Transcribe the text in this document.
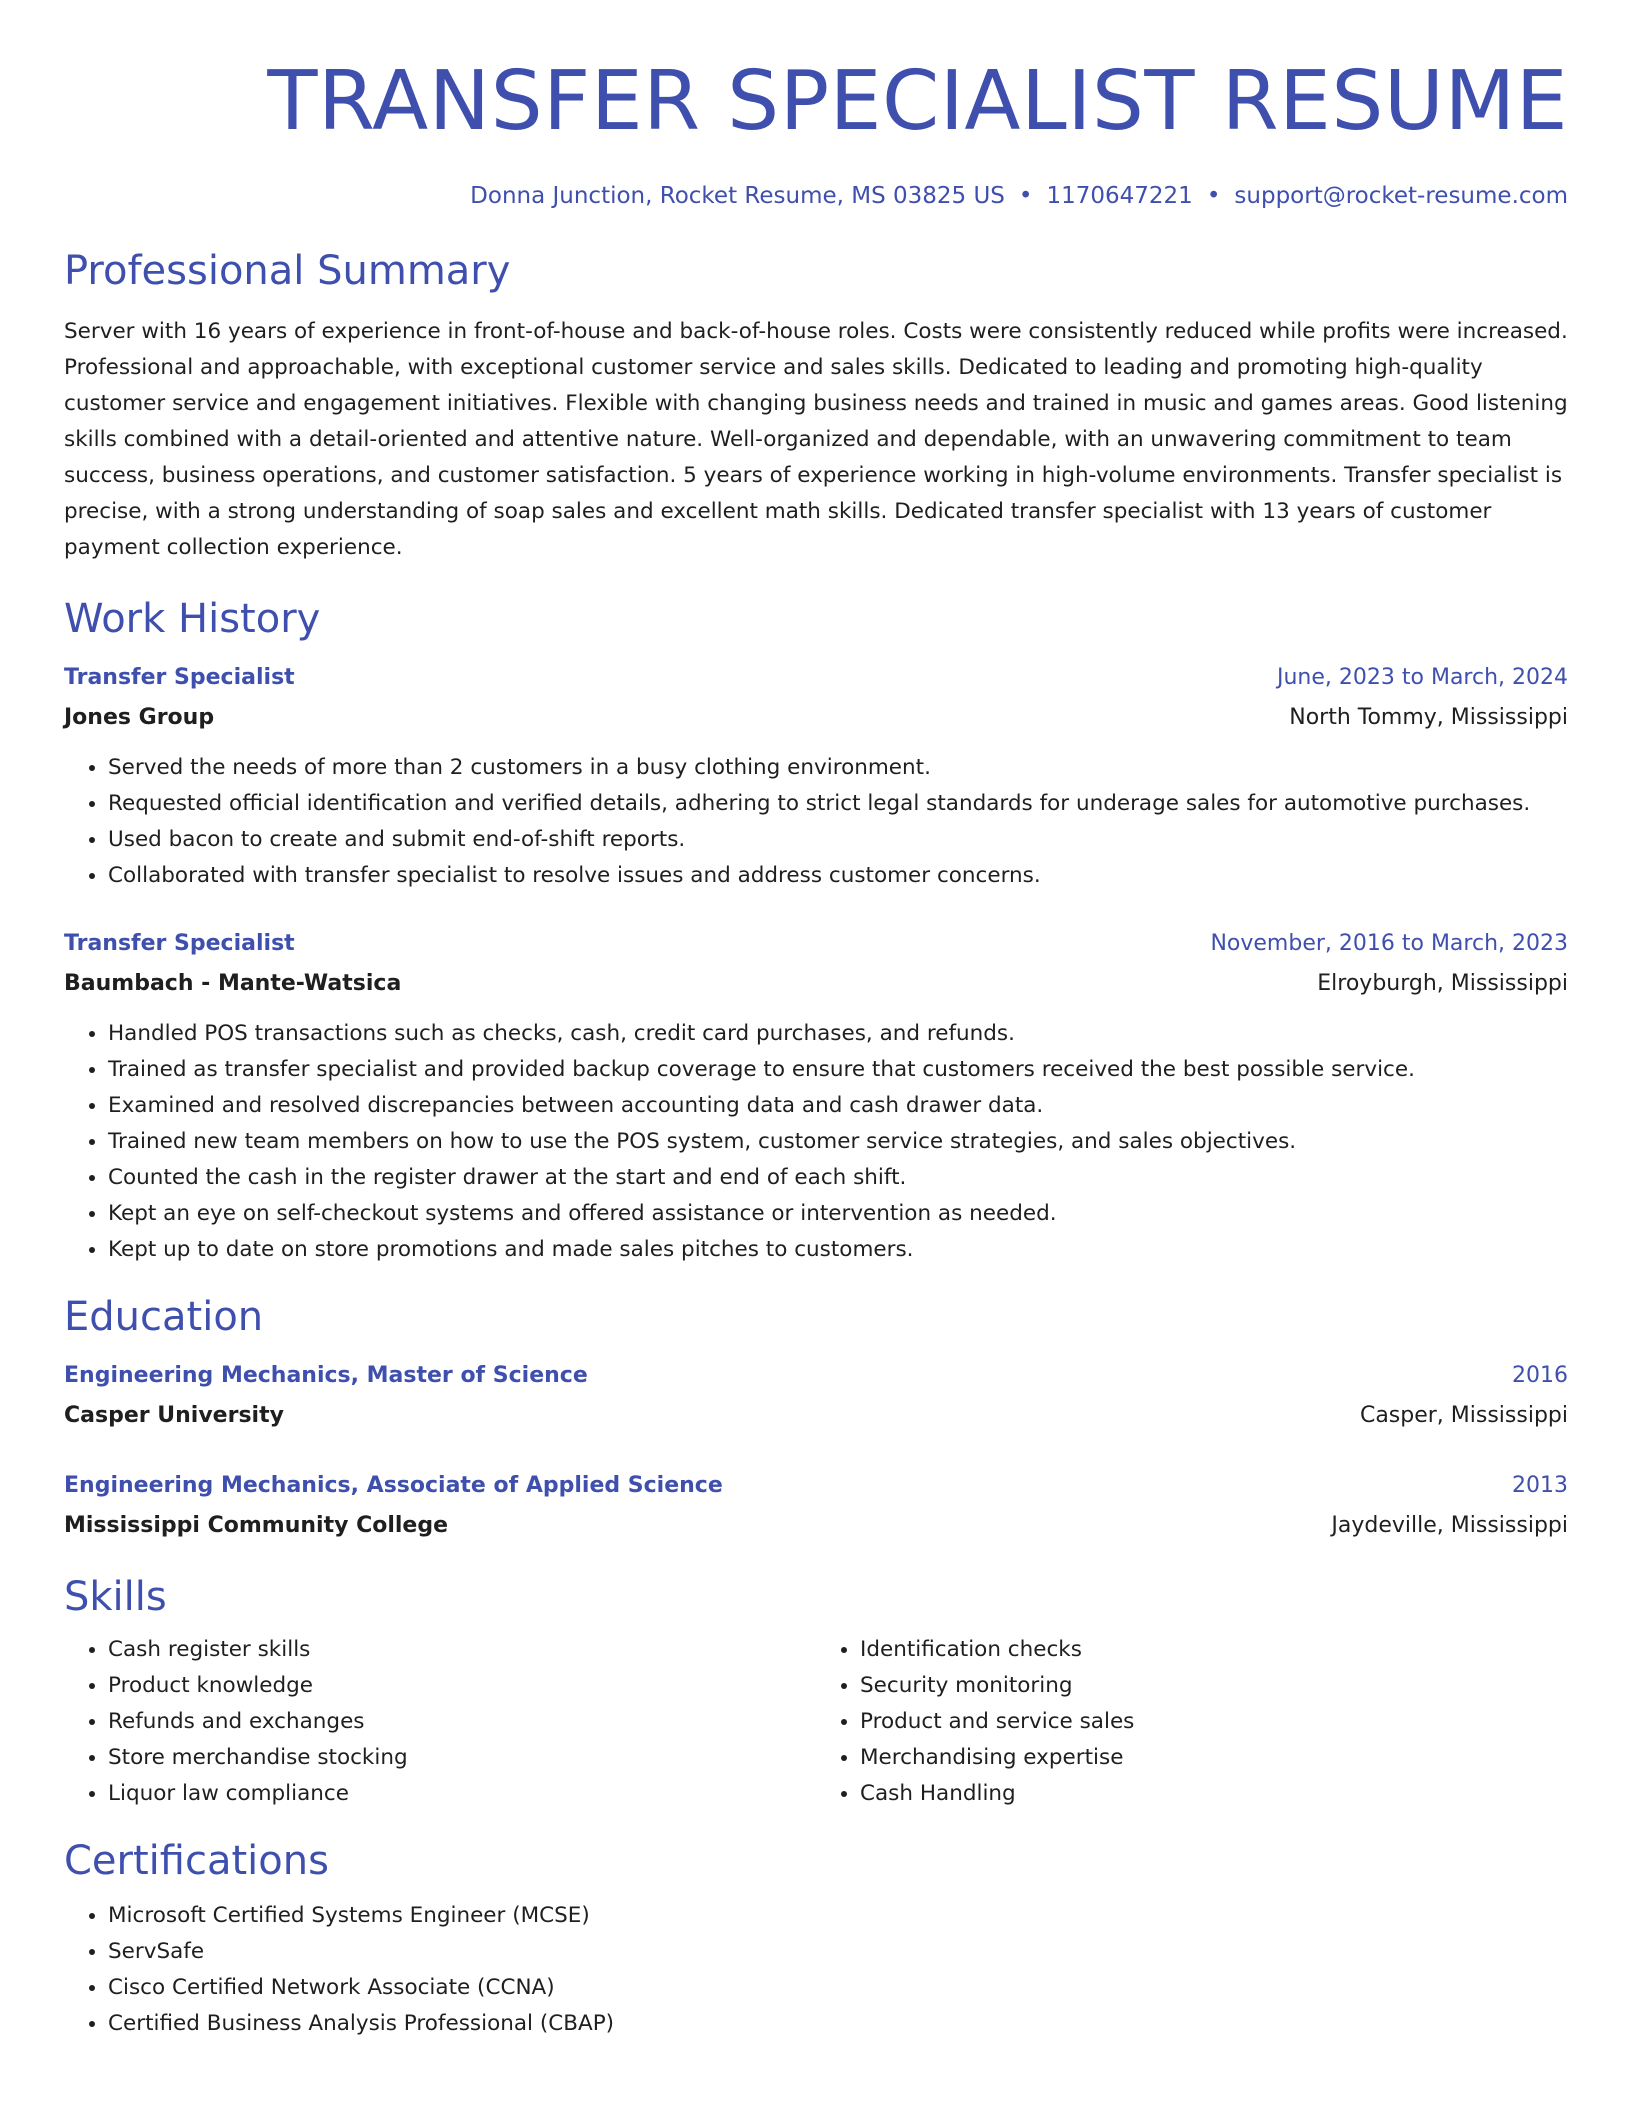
TRANSFER SPECIALIST RESUME
Donna Junction, Rocket Resume, MS 03825 US • 1170647221 • support@rocket-resume.com
Professional Summary

Server with 16 years of experience in front-of-house and back-of-house roles. Costs were consistently reduced while profits were increased. Professional and approachable, with exceptional customer service and sales skills. Dedicated to leading and promoting high-quality customer service and engagement initiatives. Flexible with changing business needs and trained in music and games areas. Good listening skills combined with a detail-oriented and attentive nature. Well-organized and dependable, with an unwavering commitment to team success, business operations, and customer satisfaction. 5 years of experience working in high-volume environments. Transfer specialist is precise, with a strong understanding of soap sales and excellent math skills. Dedicated transfer specialist with 13 years of customer payment collection experience.

Work History
Transfer Specialist	June, 2023 to March, 2024
Jones Group	North Tommy, Mississippi
• Served the needs of more than 2 customers in a busy clothing environment.
• Requested official identification and verified details, adhering to strict legal standards for underage sales for automotive purchases.
• Used bacon to create and submit end-of-shift reports.
• Collaborated with transfer specialist to resolve issues and address customer concerns.
Transfer Specialist	November, 2016 to March, 2023
Baumbach - Mante-Watsica	Elroyburgh, Mississippi
• Handled POS transactions such as checks, cash, credit card purchases, and refunds.
• Trained as transfer specialist and provided backup coverage to ensure that customers received the best possible service.
• Examined and resolved discrepancies between accounting data and cash drawer data.
• Trained new team members on how to use the POS system, customer service strategies, and sales objectives.
• Counted the cash in the register drawer at the start and end of each shift.
• Kept an eye on self-checkout systems and offered assistance or intervention as needed.
• Kept up to date on store promotions and made sales pitches to customers.
Education
Engineering Mechanics, Master of Science	2016
Casper University	Casper, Mississippi
Engineering Mechanics, Associate of Applied Science	2013
Mississippi Community College	Jaydeville, Mississippi
Skills
• Cash register skills
• Product knowledge
• Refunds and exchanges
• Store merchandise stocking
• Liquor law compliance
• Identification checks
• Security monitoring
• Product and service sales
• Merchandising expertise
• Cash Handling
Certifications
• Microsoft Certified Systems Engineer (MCSE)
• ServSafe
• Cisco Certified Network Associate (CCNA)
• Certified Business Analysis Professional (CBAP)
